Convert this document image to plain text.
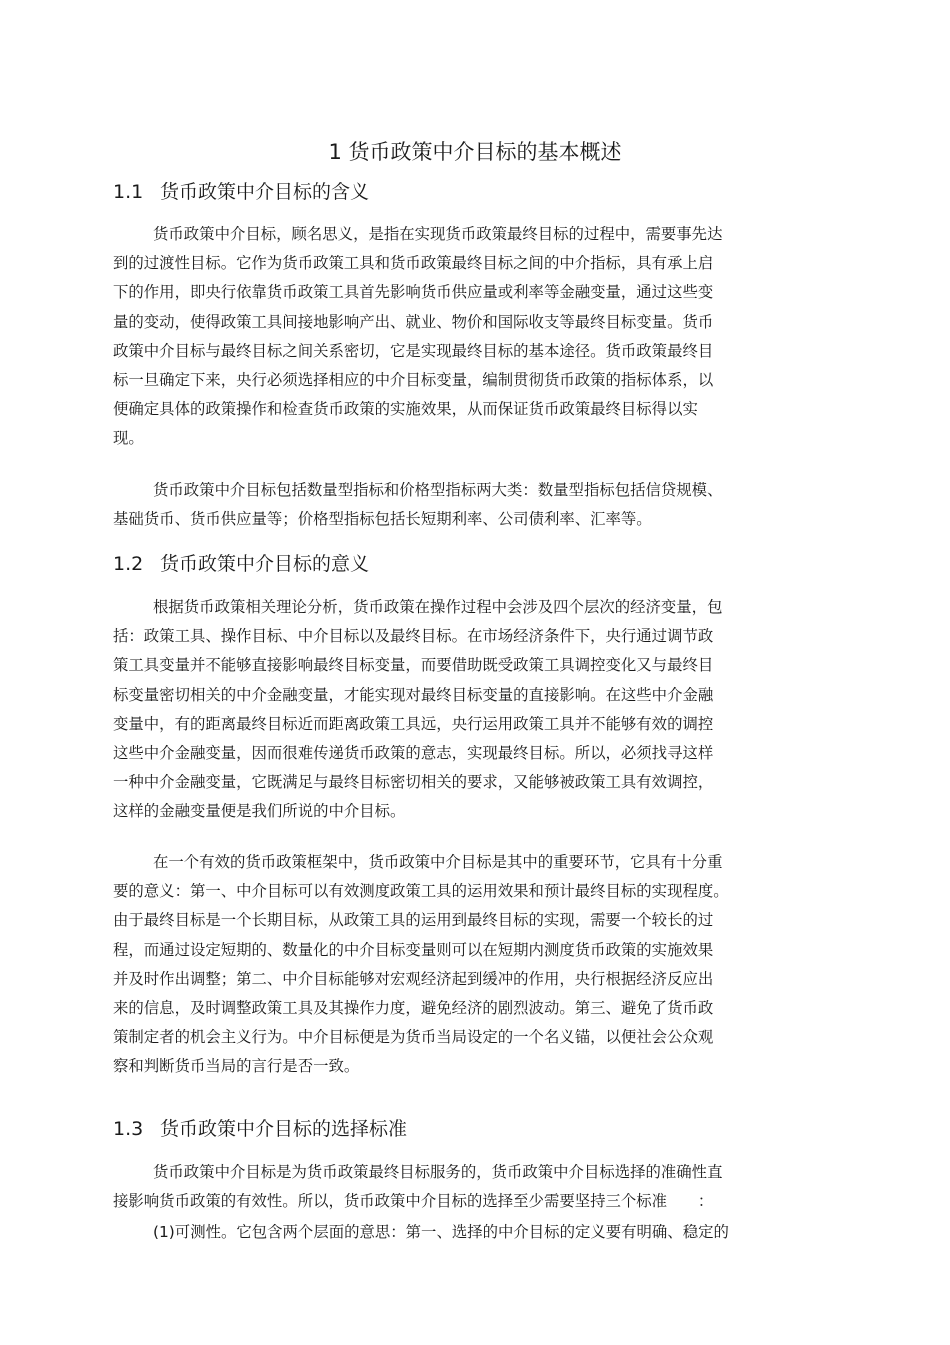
1 货币政策中介目标的基本概述
1.1 货币政策中介目标的含义
货币政策中介目标，顾名思义，是指在实现货币政策最终目标的过程中，需要事先达
到的过渡性目标。它作为货币政策工具和货币政策最终目标之间的中介指标，具有承上启
下的作用，即央行依靠货币政策工具首先影响货币供应量或利率等金融变量，通过这些变
量的变动，使得政策工具间接地影响产出、就业、物价和国际收支等最终目标变量。货币
政策中介目标与最终目标之间关系密切，它是实现最终目标的基本途径。货币政策最终目
标一旦确定下来，央行必须选择相应的中介目标变量，编制贯彻货币政策的指标体系，以
便确定具体的政策操作和检查货币政策的实施效果，从而保证货币政策最终目标得以实
现。
货币政策中介目标包括数量型指标和价格型指标两大类：数量型指标包括信贷规模、
基础货币、货币供应量等；价格型指标包括长短期利率、公司债利率、汇率等。
1.2 货币政策中介目标的意义
根据货币政策相关理论分析，货币政策在操作过程中会涉及四个层次的经济变量，包
括：政策工具、操作目标、中介目标以及最终目标。在市场经济条件下，央行通过调节政
策工具变量并不能够直接影响最终目标变量，而要借助既受政策工具调控变化又与最终目
标变量密切相关的中介金融变量，才能实现对最终目标变量的直接影响。在这些中介金融
变量中，有的距离最终目标近而距离政策工具远，央行运用政策工具并不能够有效的调控
这些中介金融变量，因而很难传递货币政策的意志，实现最终目标。所以，必须找寻这样
一种中介金融变量，它既满足与最终目标密切相关的要求，又能够被政策工具有效调控，
这样的金融变量便是我们所说的中介目标。
在一个有效的货币政策框架中，货币政策中介目标是其中的重要环节，它具有十分重
要的意义：第一、中介目标可以有效测度政策工具的运用效果和预计最终目标的实现程度。
由于最终目标是一个长期目标，从政策工具的运用到最终目标的实现，需要一个较长的过
程，而通过设定短期的、数量化的中介目标变量则可以在短期内测度货币政策的实施效果
并及时作出调整；第二、中介目标能够对宏观经济起到缓冲的作用，央行根据经济反应出
来的信息，及时调整政策工具及其操作力度，避免经济的剧烈波动。第三、避免了货币政
策制定者的机会主义行为。中介目标便是为货币当局设定的一个名义锚，以便社会公众观
察和判断货币当局的言行是否一致。
1.3 货币政策中介目标的选择标准
货币政策中介目标是为货币政策最终目标服务的，货币政策中介目标选择的准确性直
接影响货币政策的有效性。所以，货币政策中介目标的选择至少需要坚持三个标准　　：
(1)可测性。它包含两个层面的意思：第一、选择的中介目标的定义要有明确、稳定的
